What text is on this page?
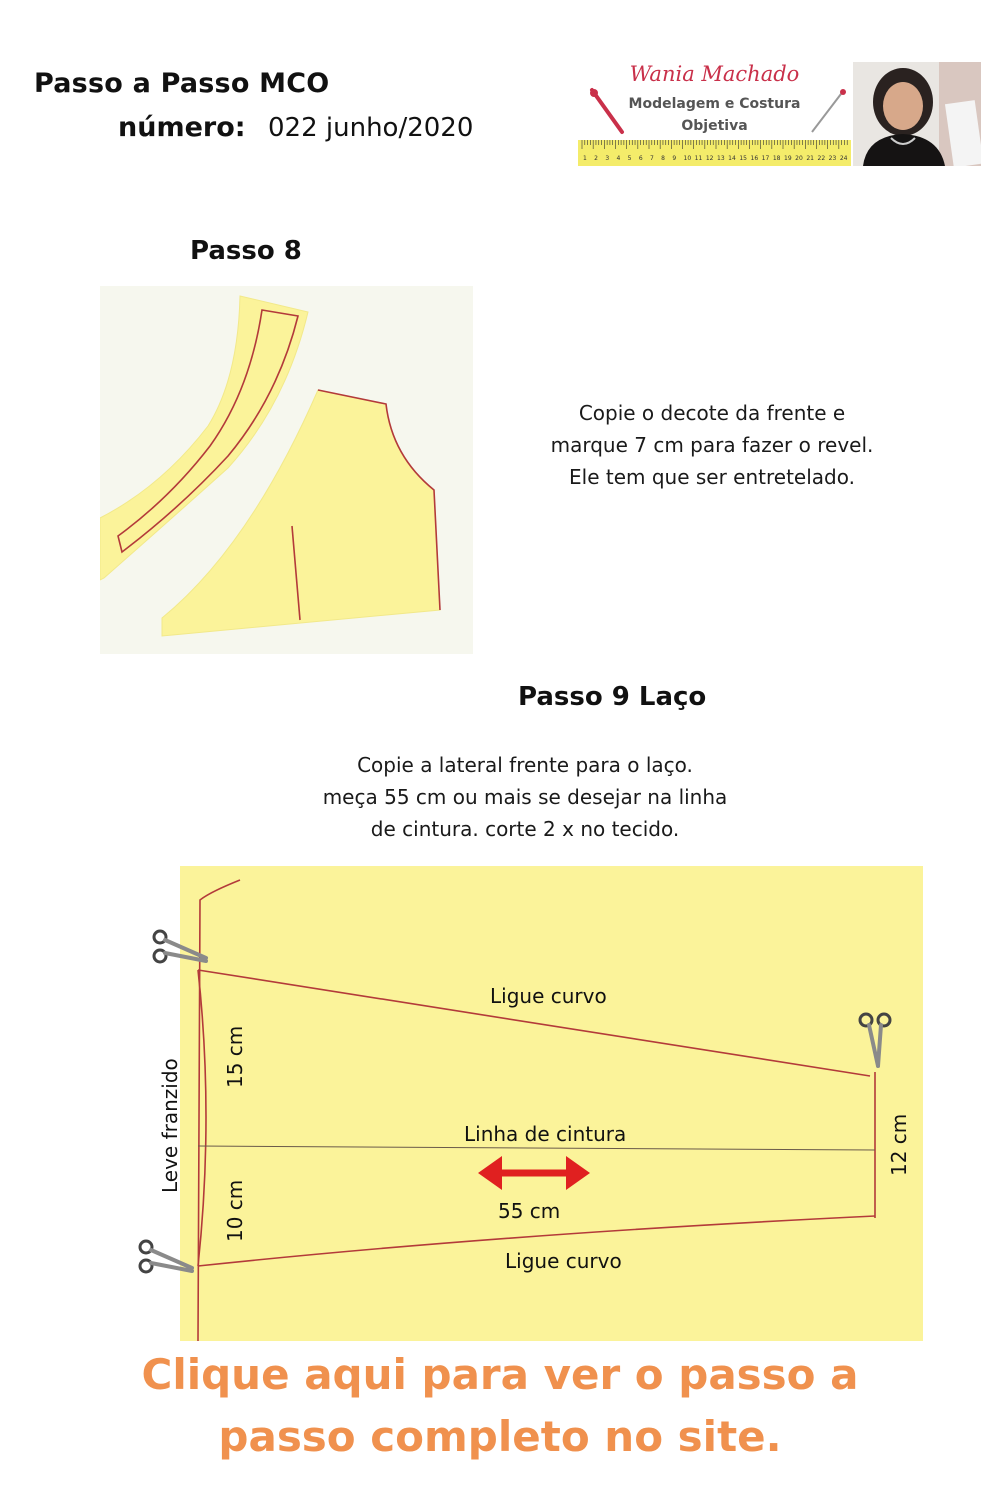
Passo a Passo MCO
número: 022 junho/2020
Wania Machado
Modelagem e Costura
Objetiva
1 2 3 4 5 6 7 8 9 10 11 12 13 14 15 16 17 18 19 20 21 22 23 24
Passo 8
Copie o decote da frente e
marque 7 cm para fazer o revel.
Ele tem que ser entretelado.
Passo 9 Laço
Copie a lateral frente para o laço.
meça 55 cm ou mais se desejar na linha
de cintura. corte 2 x no tecido.
Ligue curvo
Linha de cintura
55 cm
Ligue curvo
15 cm
10 cm
12 cm
Leve franzido
Clique aqui para ver o passo a
passo completo no site.
